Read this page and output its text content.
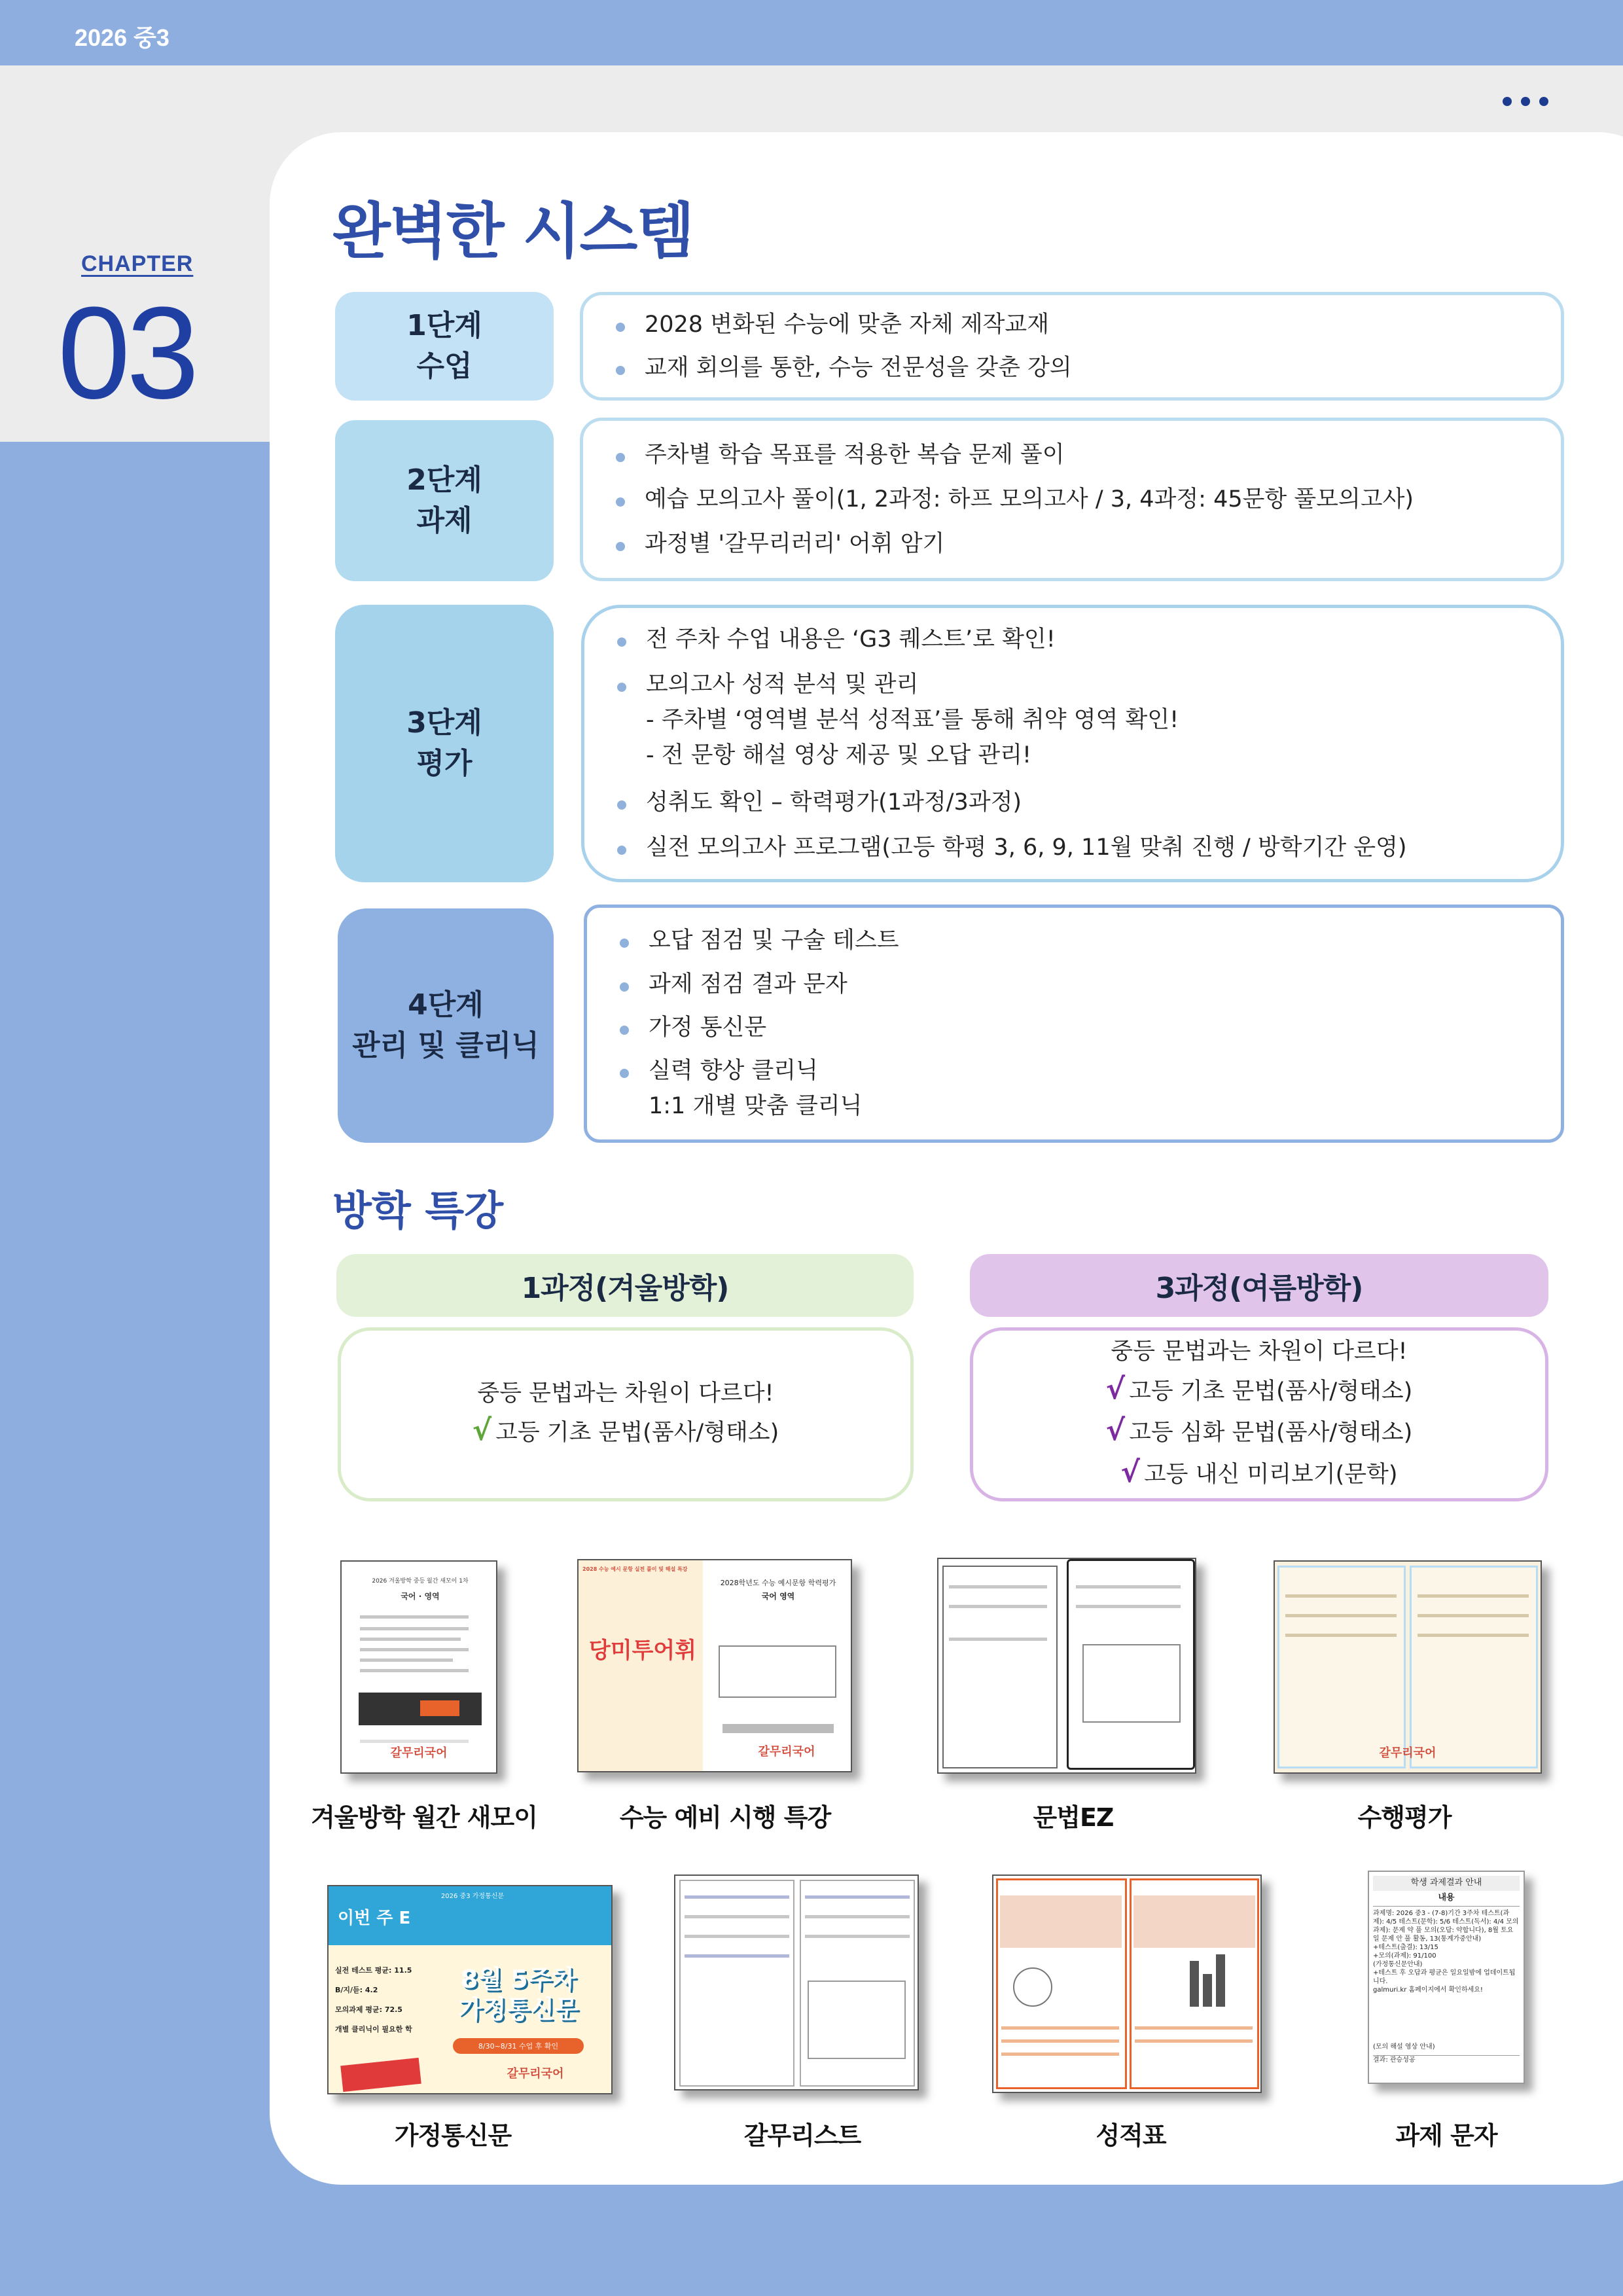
2026 중3
CHAPTER
03
완벽한 시스템
1단계
수업
2028 변화된 수능에 맞춘 자체 제작교재
교재 회의를 통한, 수능 전문성을 갖춘 강의
2단계
과제
주차별 학습 목표를 적용한 복습 문제 풀이
예습 모의고사 풀이(1, 2과정: 하프 모의고사 / 3, 4과정: 45문항 풀모의고사)
과정별 '갈무리러리' 어휘 암기
3단계
평가
전 주차 수업 내용은 ‘G3 퀘스트’로 확인!
모의고사 성적 분석 및 관리
- 주차별 ‘영역별 분석 성적표’를 통해 취약 영역 확인!
- 전 문항 해설 영상 제공 및 오답 관리!
성취도 확인 – 학력평가(1과정/3과정)
실전 모의고사 프로그램(고등 학평 3, 6, 9, 11월 맞춰 진행 / 방학기간 운영)
4단계
관리 및 클리닉
오답 점검 및 구술 테스트
과제 점검 결과 문자
가정 통신문
실력 향상 클리닉
1:1 개별 맞춤 클리닉
방학 특강
1과정(겨울방학)
중등 문법과는 차원이 다르다!
√ 고등 기초 문법(품사/형태소)
3과정(여름방학)
중등 문법과는 차원이 다르다!
√ 고등 기초 문법(품사/형태소)
√ 고등 심화 문법(품사/형태소)
√ 고등 내신 미리보기(문학)
2026 겨울방학 중등 월간 새모이 1차
국어 · 영역
갈무리국어
2028 수능 예시 문항 실전 풀이 및 해설 특강
당미투어휘
2028학년도 수능 예시문항 학력평가
국어 영역
갈무리국어	갈무리국어
겨울방학 월간 새모이	수능 예비 시행 특강	문법EZ	수행평가
2026 중3 가정통신문
이번 주 E
8월 5주차
가정통신문
8/30~8/31 수업 후 확인
실전 테스트 평균: 11.5
B/지/듣: 4.2
모의과제 평균: 72.5
개별 클리닉이 필요한 학
갈무리국어
학생 과제결과 안내
내용
과제명: 2026 중3 - (7-8)기간 3주차 테스트(과제): 4/5 테스트(문학): 5/6 테스트(독서): 4/4 모의과제): 문제 약 풀 모의(오답: 약합니다), 8월 토요일 문제 안 풀 활동, 13(통계가중안내)
+테스트(출결): 13/15
+모의(과제): 91/100
(가정통신문안내)
+테스트 후 오답과 평균은 일요일밤에 업데이트됩니다.
galmuri.kr 홈페이지에서 확인하세요!
(모의 해설 영상 안내)
결과: 관승성공
가정통신문	갈무리스트	성적표	과제 문자
